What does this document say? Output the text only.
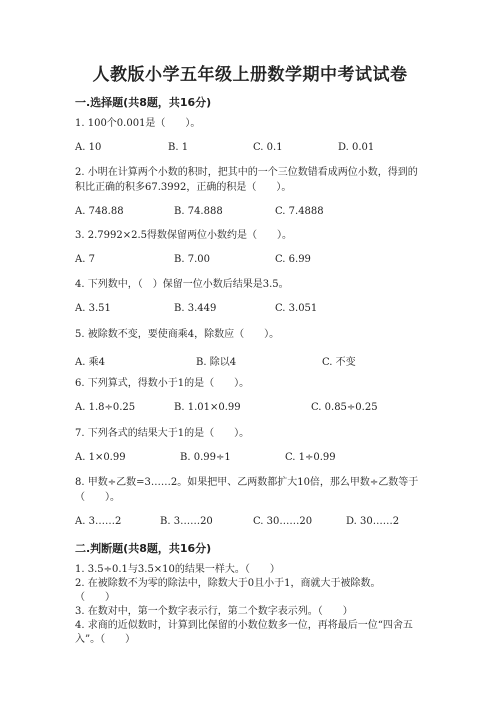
人教版小学五年级上册数学期中考试试卷
一.选择题(共8题，共16分)
1. 100个0.001是（　　）。
A. 10	B. 1	C. 0.1	D. 0.01
2. 小明在计算两个小数的积时，把其中的一个三位数错看成两位小数，得到的
积比正确的积多67.3992，正确的积是（　　）。
A. 748.88	B. 74.888	C. 7.4888
3. 2.7992×2.5得数保留两位小数约是（　　）。
A. 7	B. 7.00	C. 6.99
4. 下列数中，（　）保留一位小数后结果是3.5。
A. 3.51	B. 3.449	C. 3.051
5. 被除数不变，要使商乘4，除数应（　　）。
A. 乘4	B. 除以4	C. 不变
6. 下列算式，得数小于1的是（　　）。
A. 1.8÷0.25	B. 1.01×0.99	C. 0.85÷0.25
7. 下列各式的结果大于1的是（　　）。
A. 1×0.99	B. 0.99÷1	C. 1÷0.99
8. 甲数÷乙数=3……2。如果把甲、乙两数都扩大10倍，那么甲数÷乙数等于
（　　）。
A. 3……2	B. 3……20	C. 30……20	D. 30……2
二.判断题(共8题，共16分)
1. 3.5÷0.1与3.5×10的结果一样大。（　　）
2. 在被除数不为零的除法中，除数大于0且小于1，商就大于被除数。
（　　）
3. 在数对中，第一个数字表示行，第二个数字表示列。（　　）
4. 求商的近似数时，计算到比保留的小数位数多一位，再将最后一位“四舍五
入”。（　　）
